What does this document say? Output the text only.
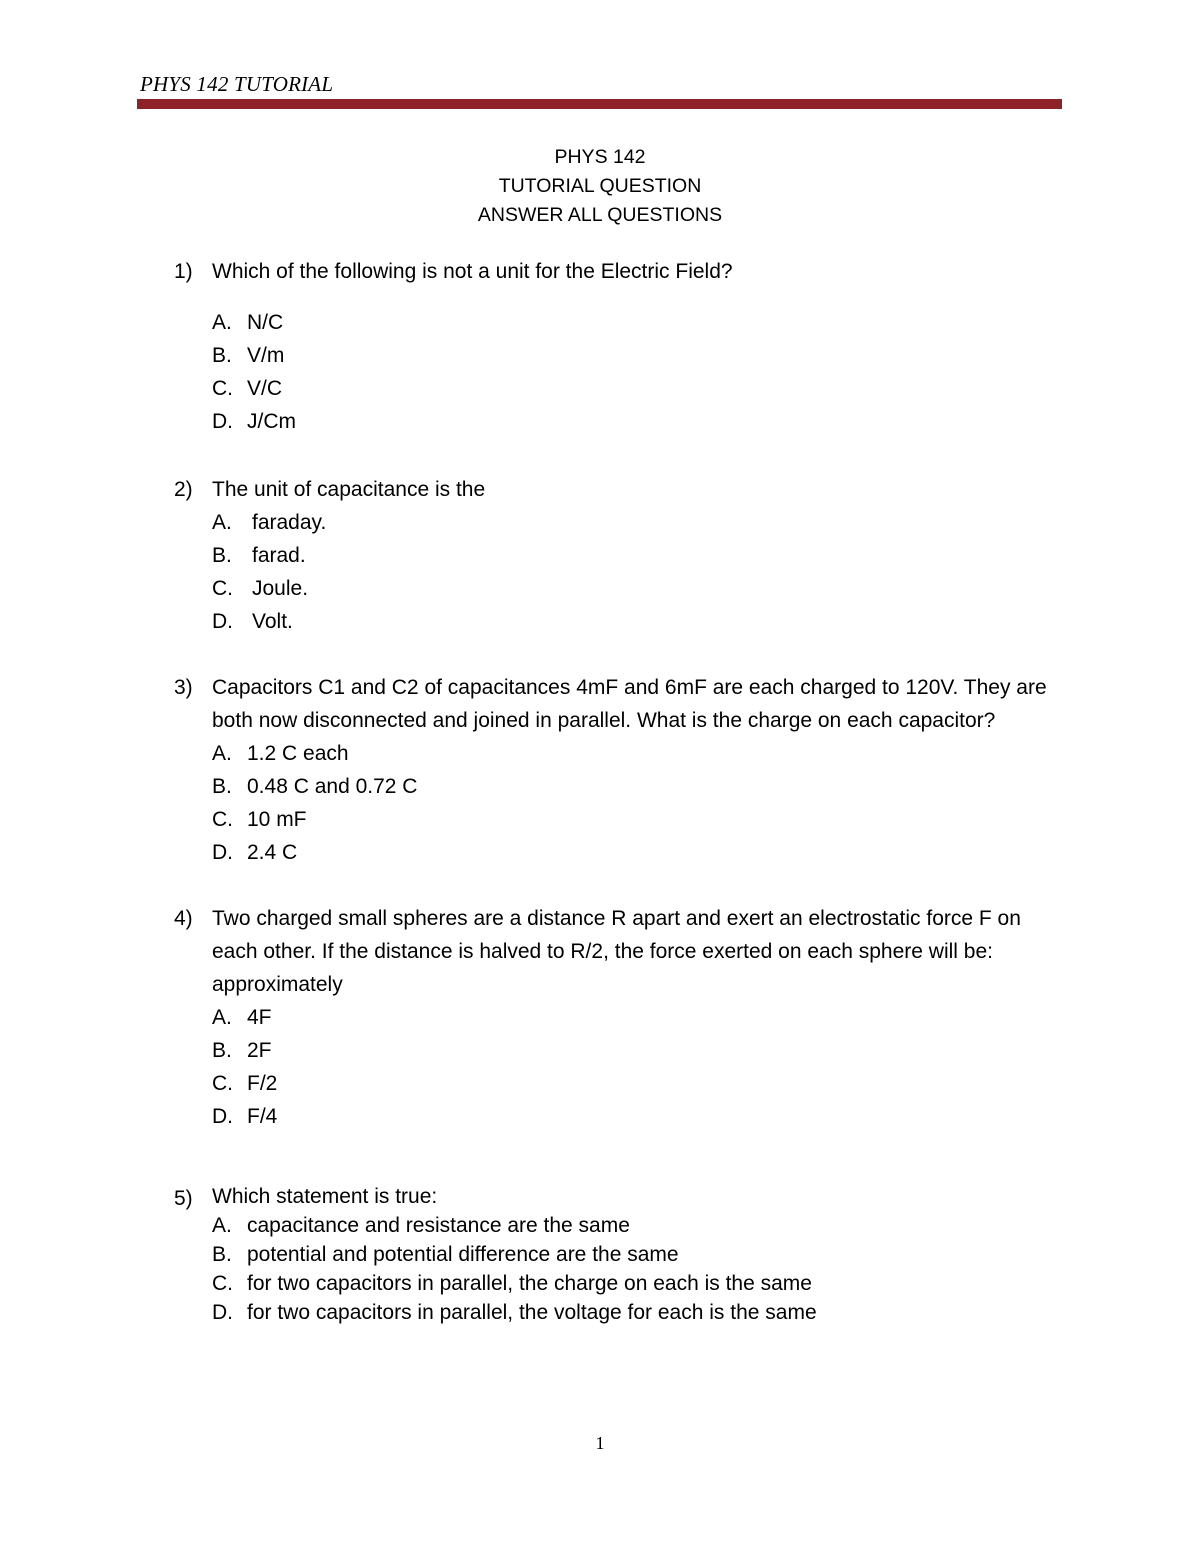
PHYS 142 TUTORIAL
PHYS 142
TUTORIAL QUESTION
ANSWER ALL QUESTIONS
1) Which of the following is not a unit for the Electric Field?
A. N/C
B. V/m
C. V/C
D. J/Cm
2) The unit of capacitance is the
A. faraday.
B. farad.
C. Joule.
D. Volt.
3) Capacitors C1 and C2 of capacitances 4mF and 6mF are each charged to 120V. They are
both now disconnected and joined in parallel. What is the charge on each capacitor?
A. 1.2 C each
B. 0.48 C and 0.72 C
C. 10 mF
D. 2.4 C
4) Two charged small spheres are a distance R apart and exert an electrostatic force F on
each other. If the distance is halved to R/2, the force exerted on each sphere will be:
approximately
A. 4F
B. 2F
C. F/2
D. F/4
5) Which statement is true:
A. capacitance and resistance are the same
B. potential and potential difference are the same
C. for two capacitors in parallel, the charge on each is the same
D. for two capacitors in parallel, the voltage for each is the same
1
